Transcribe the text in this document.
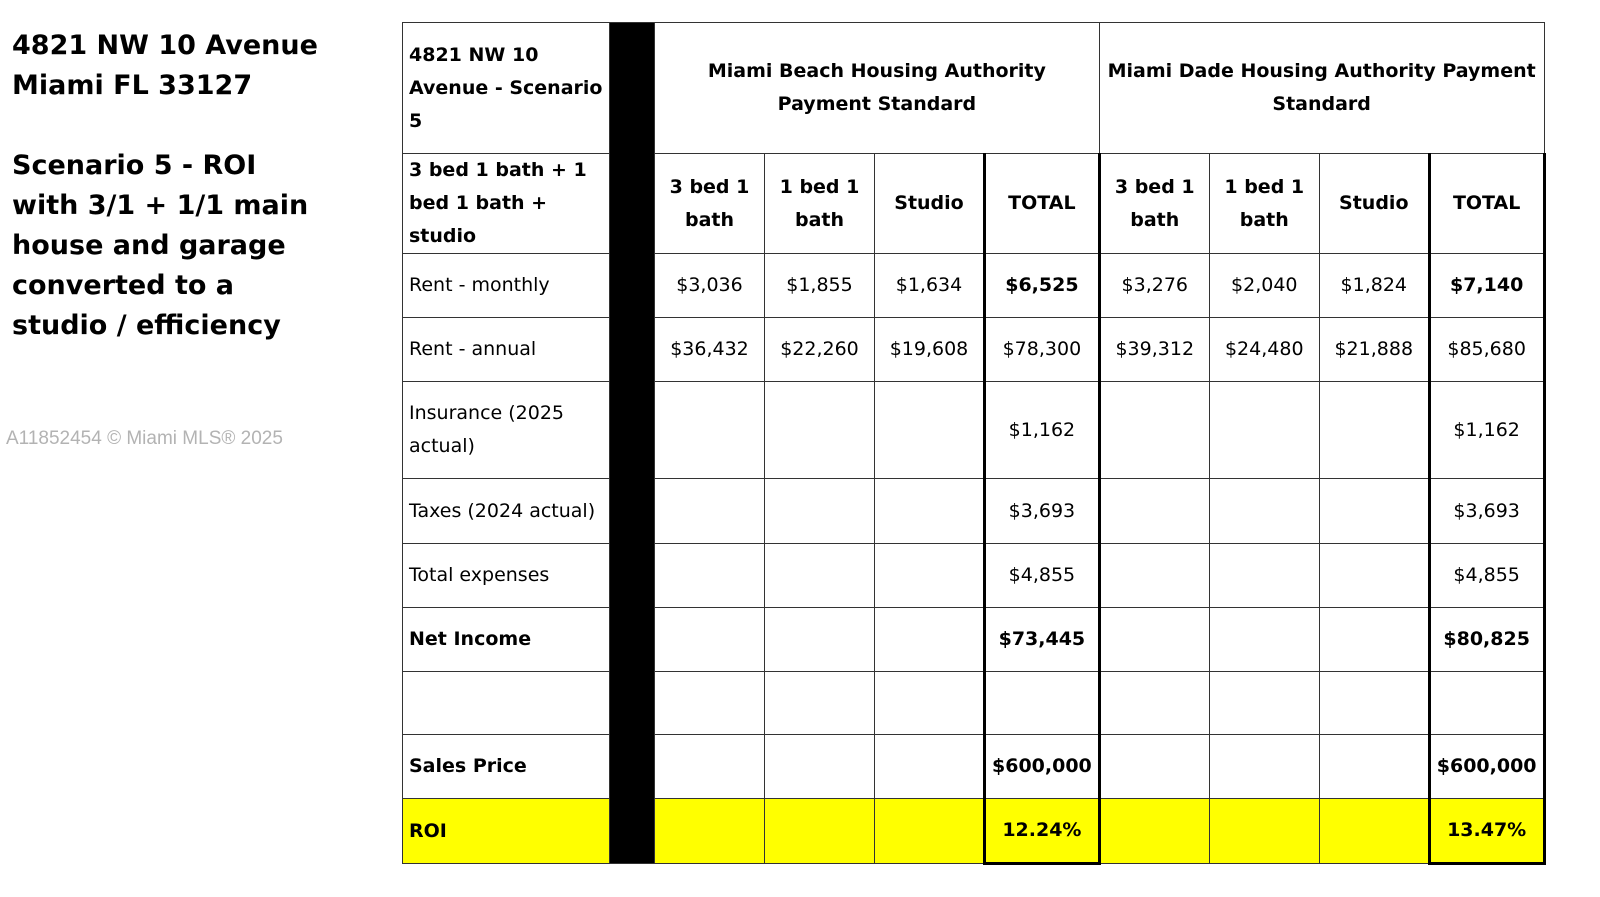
4821 NW 10 Avenue
Miami FL 33127
Scenario 5 - ROI
with 3/1 + 1/1 main
house and garage
converted to a
studio / efficiency
A11852454 © Miami MLS® 2025
4821 NW 10 Avenue - Scenario 5		Miami Beach Housing Authority Payment Standard				Miami Dade Housing Authority Payment Standard			
3 bed 1 bath + 1 bed 1 bath + studio		3 bed 1 bath	1 bed 1 bath	Studio	TOTAL	3 bed 1 bath	1 bed 1 bath	Studio	TOTAL
Rent - monthly		$3,036	$1,855	$1,634	$6,525	$3,276	$2,040	$1,824	$7,140
Rent - annual		$36,432	$22,260	$19,608	$78,300	$39,312	$24,480	$21,888	$85,680
Insurance (2025 actual)					$1,162				$1,162
Taxes (2024 actual)					$3,693				$3,693
Total expenses					$4,855				$4,855
Net Income					$73,445				$80,825

Sales Price					$600,000				$600,000
ROI					12.24%				13.47%
